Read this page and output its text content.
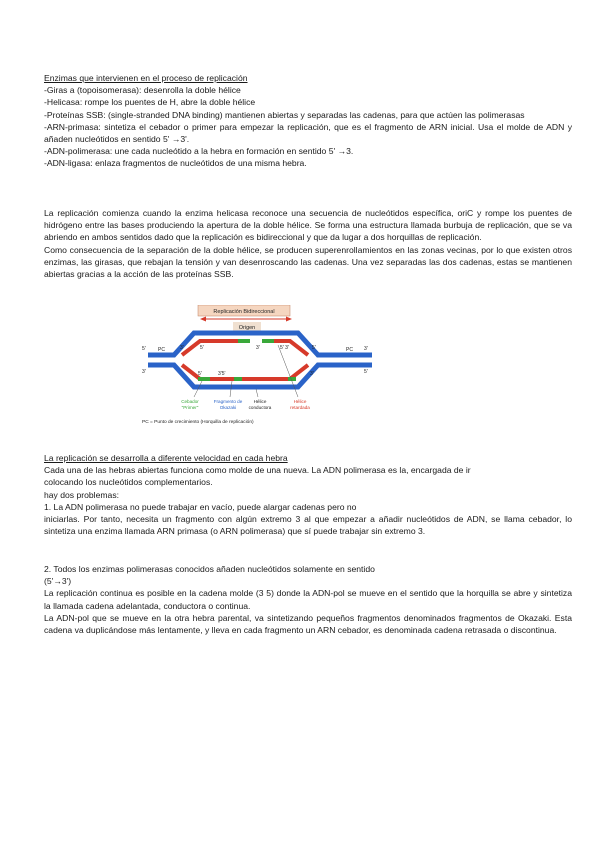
Enzimas que intervienen en el proceso de replicación

-Giras a (topoisomerasa): desenrolla la doble hélice

-Helicasa: rompe los puentes de H, abre la doble hélice

-Proteínas SSB: (single-stranded DNA binding) mantienen abiertas y separadas las cadenas, para que actúen las polimerasas

-ARN-primasa: sintetiza el cebador o primer para empezar la replicación, que es el fragmento de ARN inicial. Usa el molde de ADN y añaden nucleótidos en sentido 5' →3'.

-ADN-polimerasa: une cada nucleótido a la hebra en formación en sentido 5' →3.

-ADN-ligasa: enlaza fragmentos de nucleótidos de una misma hebra.

La replicación comienza cuando la enzima helicasa reconoce una secuencia de nucleótidos específica, oriC y rompe los puentes de hidrógeno entre las bases produciendo la apertura de la doble hélice. Se forma una estructura llamada burbuja de replicación, que se va abriendo en ambos sentidos dado que la replicación es bidireccional y que da lugar a dos horquillas de replicación.

Como consecuencia de la separación de la doble hélice, se producen superenrollamientos en las zonas vecinas, por lo que existen otros enzimas, las girasas, que rebajan la tensión y van desenroscando las cadenas. Una vez separadas las dos cadenas, estas se mantienen abiertas gracias a la acción de las proteínas SSB.

Replicación Bidireccional
Origen
5' PC
3'
3'
PC
5'
5'	3'	5' 3'
3'5'
5'
3'	5'
3'
Cebador
"Primer"
Fragmento de
Okazaki
Hélice
conductora
Hélice
retardada
PC = Punto de crecimiento (Horquilla de replicación)

La replicación se desarrolla a diferente velocidad en cada hebra

Cada una de las hebras abiertas funciona como molde de una nueva. La ADN polimerasa es la, encargada de ir
colocando los nucleótidos complementarios.
hay dos problemas:
1. La ADN polimerasa no puede trabajar en vacío, puede alargar cadenas pero no

iniciarlas. Por tanto, necesita un fragmento con algún extremo 3 al que empezar a añadir nucleótidos de ADN, se llama cebador, lo sintetiza una enzima llamada ARN primasa (o ARN polimerasa) que sí puede trabajar sin extremo 3.

2. Todos los enzimas polimerasas conocidos añaden nucleótidos solamente en sentido
(5'→3')

La replicación continua es posible en la cadena molde (3 5) donde la ADN-pol se mueve en el sentido que la horquilla se abre y sintetiza la llamada cadena adelantada, conductora o continua.

La ADN-pol que se mueve en la otra hebra parental, va sintetizando pequeños fragmentos denominados fragmentos de Okazaki. Esta cadena va duplicándose más lentamente, y lleva en cada fragmento un ARN cebador, es denominada cadena retrasada o discontinua.
